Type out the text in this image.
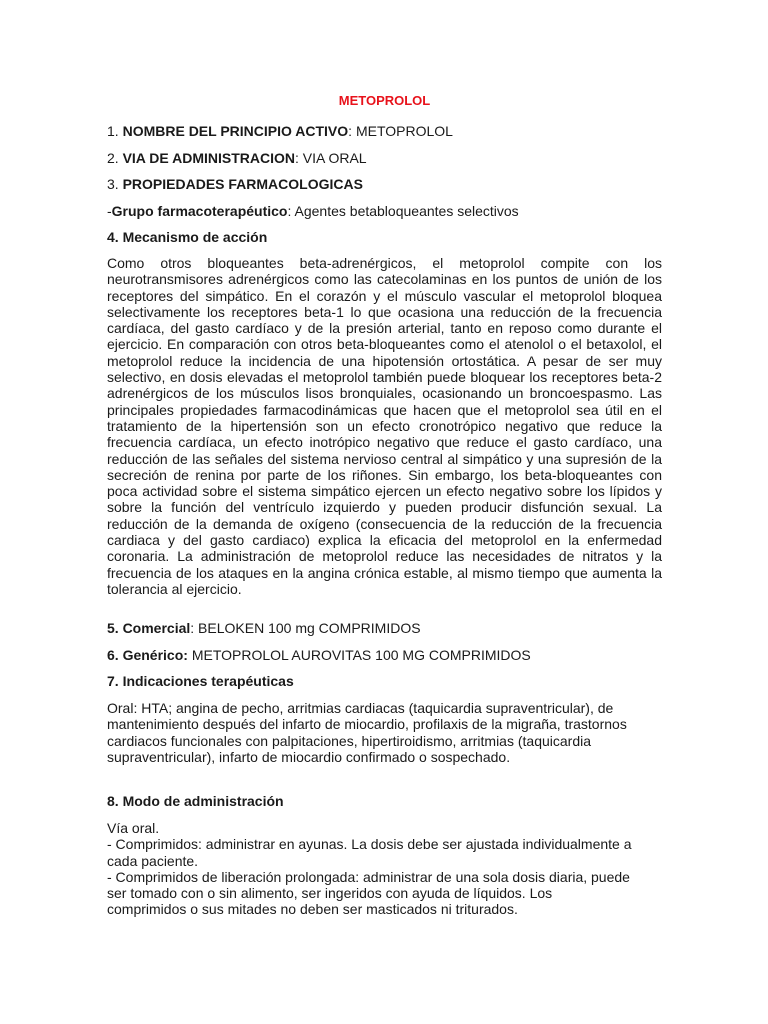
METOPROLOL
1. NOMBRE DEL PRINCIPIO ACTIVO: METOPROLOL
2. VIA DE ADMINISTRACION: VIA ORAL
3. PROPIEDADES FARMACOLOGICAS
-Grupo farmacoterapéutico: Agentes betabloqueantes selectivos
4. Mecanismo de acción
Como otros bloqueantes beta-adrenérgicos, el metoprolol compite con los neurotransmisores adrenérgicos como las catecolaminas en los puntos de unión de los receptores del simpático. En el corazón y el músculo vascular el metoprolol bloquea selectivamente los receptores beta-1 lo que ocasiona una reducción de la frecuencia cardíaca, del gasto cardíaco y de la presión arterial, tanto en reposo como durante el ejercicio. En comparación con otros beta-bloqueantes como el atenolol o el betaxolol, el metoprolol reduce la incidencia de una hipotensión ortostática. A pesar de ser muy selectivo, en dosis elevadas el metoprolol también puede bloquear los receptores beta-2 adrenérgicos de los músculos lisos bronquiales, ocasionando un broncoespasmo. Las principales propiedades farmacodinámicas que hacen que el metoprolol sea útil en el tratamiento de la hipertensión son un efecto cronotrópico negativo que reduce la frecuencia cardíaca, un efecto inotrópico negativo que reduce el gasto cardíaco, una reducción de las señales del sistema nervioso central al simpático y una supresión de la secreción de renina por parte de los riñones. Sin embargo, los beta-bloqueantes con poca actividad sobre el sistema simpático ejercen un efecto negativo sobre los lípidos y sobre la función del ventrículo izquierdo y pueden producir disfunción sexual. La reducción de la demanda de oxígeno (consecuencia de la reducción de la frecuencia cardiaca y del gasto cardiaco) explica la eficacia del metoprolol en la enfermedad coronaria. La administración de metoprolol reduce las necesidades de nitratos y la frecuencia de los ataques en la angina crónica estable, al mismo tiempo que aumenta la tolerancia al ejercicio.
5. Comercial: BELOKEN 100 mg COMPRIMIDOS
6. Genérico: METOPROLOL AUROVITAS 100 MG COMPRIMIDOS
7. Indicaciones terapéuticas
Oral: HTA; angina de pecho, arritmias cardiacas (taquicardia supraventricular), de mantenimiento después del infarto de miocardio, profilaxis de la migraña, trastornos cardiacos funcionales con palpitaciones, hipertiroidismo, arritmias (taquicardia supraventricular), infarto de miocardio confirmado o sospechado.
8. Modo de administración
Vía oral.
- Comprimidos: administrar en ayunas. La dosis debe ser ajustada individualmente a cada paciente.
- Comprimidos de liberación prolongada: administrar de una sola dosis diaria, puede ser tomado con o sin alimento, ser ingeridos con ayuda de líquidos. Los comprimidos o sus mitades no deben ser masticados ni triturados.
